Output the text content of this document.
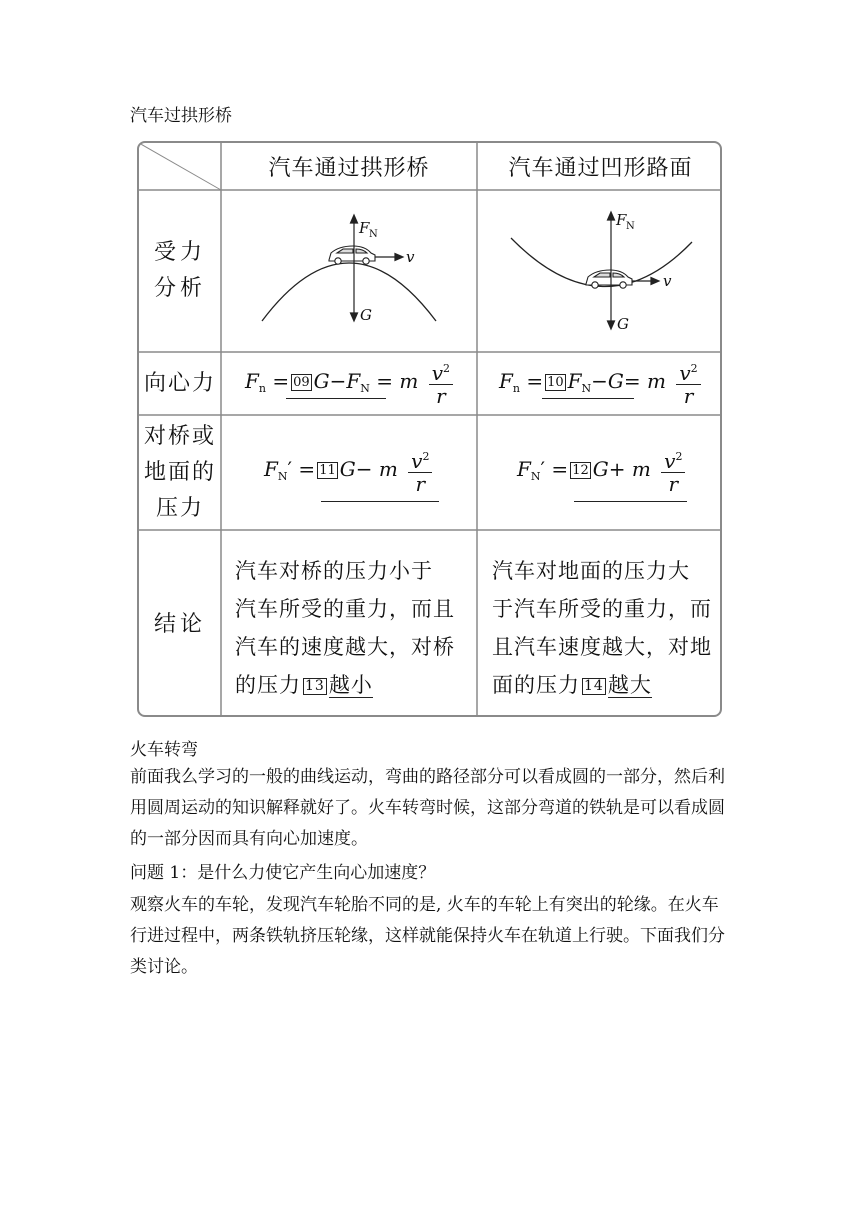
汽车过拱形桥
F N
v
G
F N
v
G
汽车通过拱形桥	汽车通过凹形路面
受力
分析
向心力
对桥或
地面的
压力
结论
$F_n = 09$ $G-F_N = m \frac{v^2}{r} F_n = 10$ $F_N-G= m \frac{v^2}{r}$
$F_N' = 11$ G− m $\frac{v^2}{r}$	$F_N' = 12$ G+ m $\frac{v^2}{r}$
汽车对桥的压力小于
汽车所受的重力，而且
汽车的速度越大，对桥
的压力 13 越小
汽车对地面的压力大
于汽车所受的重力，而
且汽车速度越大，对地
面的压力 14 越大
火车转弯
前面我么学习的一般的曲线运动，弯曲的路径部分可以看成圆的一部分，然后利用圆周运动的知识解释就好了。火车转弯时候，这部分弯道的铁轨是可以看成圆的一部分因而具有向心加速度。
问题 1：是什么力使它产生向心加速度？
观察火车的车轮，发现汽车轮胎不同的是, 火车的车轮上有突出的轮缘。在火车行进过程中，两条铁轨挤压轮缘，这样就能保持火车在轨道上行驶。下面我们分类讨论。
